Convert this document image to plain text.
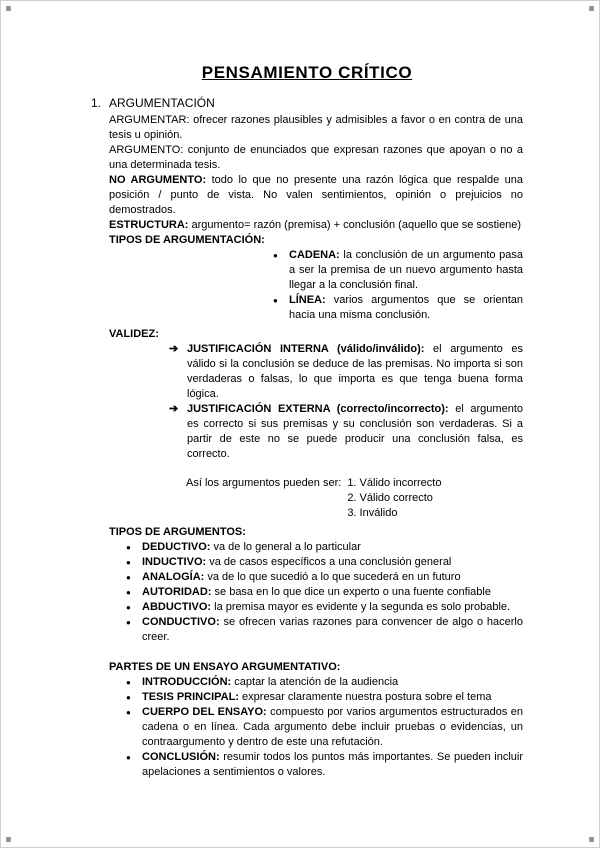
PENSAMIENTO CRÍTICO
1. ARGUMENTACIÓN

ARGUMENTAR: ofrecer razones plausibles y admisibles a favor o en contra de una tesis u opinión.

ARGUMENTO: conjunto de enunciados que expresan razones que apoyan o no a una determinada tesis.

NO ARGUMENTO: todo lo que no presente una razón lógica que respalde una posición / punto de vista. No valen sentimientos, opinión o prejuicios no demostrados.

ESTRUCTURA: argumento= razón (premisa) + conclusión (aquello que se sostiene)

TIPOS DE ARGUMENTACIÓN:

●	CADENA: la conclusión de un argumento pasa a ser la premisa de un nuevo argumento hasta llegar a la conclusión final.

●	LÍNEA: varios argumentos que se orientan hacia una misma conclusión.

VALIDEZ:

➔ JUSTIFICACIÓN INTERNA (válido/inválido): el argumento es válido si la conclusión se deduce de las premisas. No importa si son verdaderas o falsas, lo que importa es que tenga buena forma lógica.

➔ JUSTIFICACIÓN EXTERNA (correcto/incorrecto): el argumento es correcto si sus premisas y su conclusión son verdaderas. Si a partir de este no se puede producir una conclusión falsa, es correcto.

Así los argumentos pueden ser: 1. Válido incorrecto
2. Válido correcto
3. Inválido

TIPOS DE ARGUMENTOS:

●	DEDUCTIVO: va de lo general a lo particular

●	INDUCTIVO: va de casos específicos a una conclusión general

●	ANALOGÍA: va de lo que sucedió a lo que sucederá en un futuro

●	AUTORIDAD: se basa en lo que dice un experto o una fuente confiable

●	ABDUCTIVO: la premisa mayor es evidente y la segunda es solo probable.

●	CONDUCTIVO: se ofrecen varias razones para convencer de algo o hacerlo creer.

PARTES DE UN ENSAYO ARGUMENTATIVO:

●	INTRODUCCIÓN: captar la atención de la audiencia

●	TESIS PRINCIPAL: expresar claramente nuestra postura sobre el tema

●	CUERPO DEL ENSAYO: compuesto por varios argumentos estructurados en cadena o en línea. Cada argumento debe incluir pruebas o evidencias, un contraargumento y dentro de este una refutación.

●	CONCLUSIÓN: resumir todos los puntos más importantes. Se pueden incluir apelaciones a sentimientos o valores.
